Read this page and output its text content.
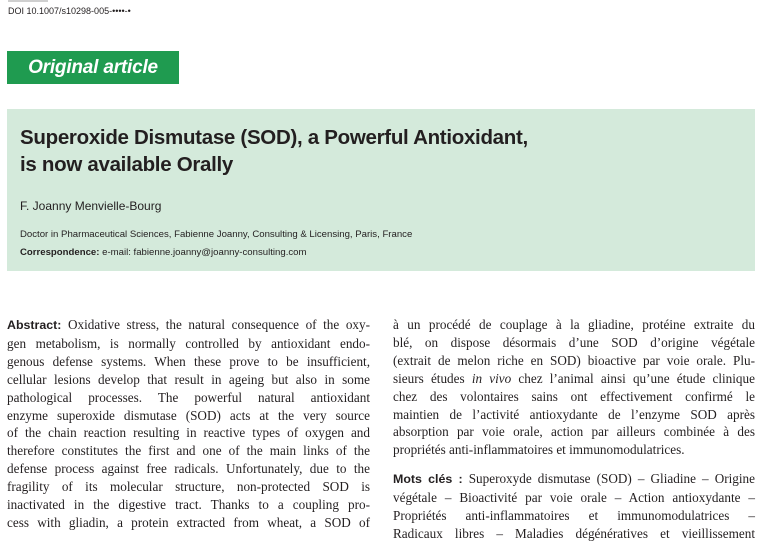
DOI 10.1007/s10298-005-••••-•
Original article
Superoxide Dismutase (SOD), a Powerful Antioxidant,
is now available Orally
F. Joanny Menvielle-Bourg
Doctor in Pharmaceutical Sciences, Fabienne Joanny, Consulting & Licensing, Paris, France
Correspondence: e-mail: fabienne.joanny@joanny-consulting.com
Abstract: Oxidative stress, the natural consequence of the oxy-
gen metabolism, is normally controlled by antioxidant endo-
genous defense systems. When these prove to be insufficient,
cellular lesions develop that result in ageing but also in some
pathological processes. The powerful natural antioxidant
enzyme superoxide dismutase (SOD) acts at the very source
of the chain reaction resulting in reactive types of oxygen and
therefore constitutes the first and one of the main links of the
defense process against free radicals. Unfortunately, due to the
fragility of its molecular structure, non-protected SOD is
inactivated in the digestive tract. Thanks to a coupling pro-
cess with gliadin, a protein extracted from wheat, a SOD of
à un procédé de couplage à la gliadine, protéine extraite du
blé, on dispose désormais d’une SOD d’origine végétale
(extrait de melon riche en SOD) bioactive par voie orale. Plu-
sieurs études in vivo chez l’animal ainsi qu’une étude clinique
chez des volontaires sains ont effectivement confirmé le
maintien de l’activité antioxydante de l’enzyme SOD après
absorption par voie orale, action par ailleurs combinée à des
propriétés anti-inflammatoires et immunomodulatrices.
Mots clés : Superoxyde dismutase (SOD) – Gliadine – Origine
végétale – Bioactivité par voie orale – Action antioxydante –
Propriétés anti-inflammatoires et immunomodulatrices –
Radicaux libres – Maladies dégénératives et vieillissement
